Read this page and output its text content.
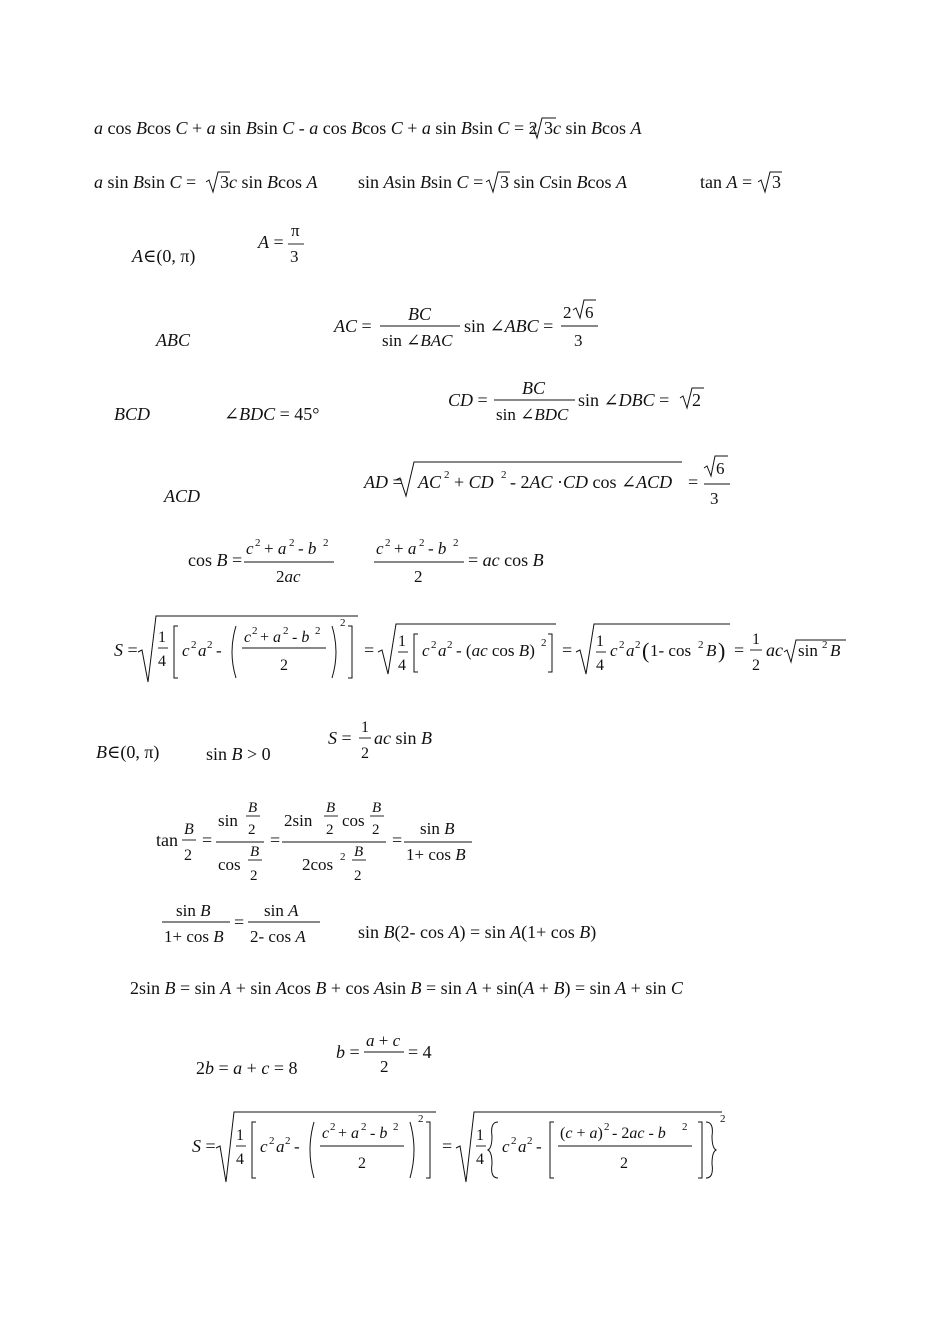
a cos Bcos C + a sin Bsin C - a cos Bcos C + a sin Bsin C = 2 3c sin Bcos A
a sin Bsin C = 3c sin Bcos A sin Asin Bsin C = 3 sin Csin Bcos A	tan A = 3
A∈(0, π)
A =
π
3
ABC
AC =
BC
sin ∠BAC
sin ∠ABC =
2 6
3
BCD	∠BDC = 45°
CD =
BC
sin ∠BDC
sin ∠DBC = 2
ACD
AD = AC 2 + CD 2 - 2AC ·CD cos ∠ACD =
6
3
cos B =
c 2 + a 2 - b 2
2ac
c 2 + a 2 - b 2
2
= ac cos B
S =
1
4
c 2 a 2 -
c 2 + a 2 - b 2
2
2
= 1
4
c 2 a 2 - (ac cos B) 2 = 1
4
c 2 a 2 ( 1- cos 2 B ) =
1
2
ac sin 2 B
B∈(0, π)	sin B > 0
S =
1
2
ac sin B
tan
B
2
=
sin
B
2
cos
B
2
=
2sin
B
2 cos
B
2
2cos 2 B
2
=
sin B
1+ cos B
sin B
1+ cos B
=
sin A
2- cos A	sin B(2- cos A) = sin A(1+ cos B)
2sin B = sin A + sin Acos B + cos Asin B = sin A + sin(A + B) = sin A + sin C
2b = a + c = 8
b =
a + c
2
= 4
S =
1
4
c 2 a 2 -
c 2 + a 2 - b 2
2
2
=
1
4
c 2 a 2 -
(c + a) 2 - 2ac - b 2
2
2
